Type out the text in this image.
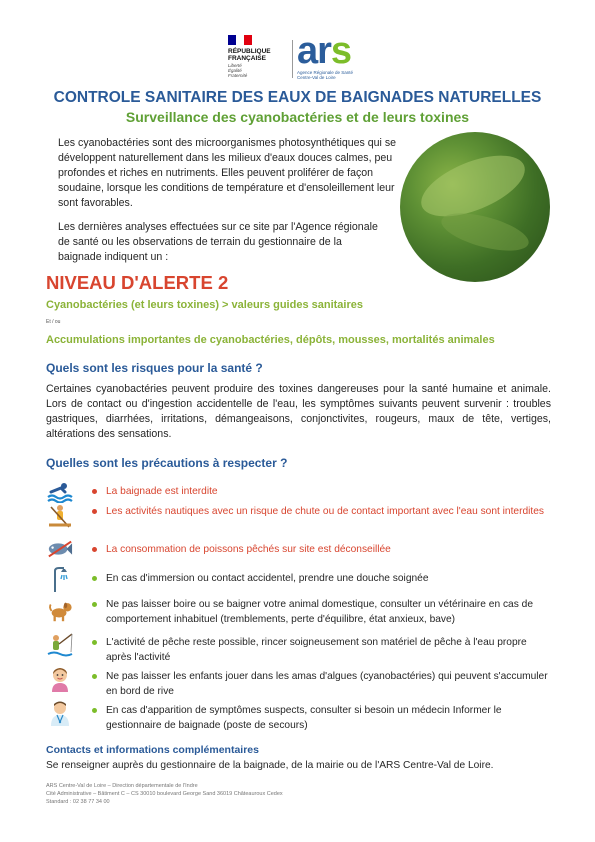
RÉPUBLIQUE
FRANÇAISE
Liberté
Égalité
Fraternité
ars
Agence Régionale de Santé
Centre-Val de Loire
CONTROLE SANITAIRE DES EAUX DE BAIGNADES NATURELLES
Surveillance des cyanobactéries et de leurs toxines
Les cyanobactéries sont des microorganismes photosynthétiques qui se développent naturellement dans les milieux d'eaux douces calmes, peu profondes et riches en nutriments. Elles peuvent proliférer de façon soudaine, lorsque les conditions de température et d'ensoleillement leur sont favorables.
Les dernières analyses effectuées sur ce site par l'Agence régionale de santé ou les observations de terrain du gestionnaire de la baignade indiquent un :
NIVEAU D'ALERTE 2
Cyanobactéries (et leurs toxines) > valeurs guides sanitaires
Et / ou
Accumulations importantes de cyanobactéries, dépôts, mousses, mortalités animales
Quels sont les risques pour la santé ?
Certaines cyanobactéries peuvent produire des toxines dangereuses pour la santé humaine et animale. Lors de contact ou d'ingestion accidentelle de l'eau, les symptômes suivants peuvent survenir : troubles gastriques, diarrhées, irritations, démangeaisons, conjonctivites, rougeurs, maux de tête, vertiges, altérations des sensations.
Quelles sont les précautions à respecter ?
La baignade est interdite
Les activités nautiques avec un risque de chute ou de contact important avec l'eau sont interdites
La consommation de poissons pêchés sur site est déconseillée
En cas d'immersion ou contact accidentel, prendre une douche soignée
Ne pas laisser boire ou se baigner votre animal domestique, consulter un vétérinaire en cas de comportement inhabituel (tremblements, perte d'équilibre, état anxieux, bave)
L'activité de pêche reste possible, rincer soigneusement son matériel de pêche à l'eau propre après l'activité
Ne pas laisser les enfants jouer dans les amas d'algues (cyanobactéries) qui peuvent s'accumuler en bord de rive
En cas d'apparition de symptômes suspects, consulter si besoin un médecin Informer le gestionnaire de baignade (poste de secours)
Contacts et informations complémentaires
Se renseigner auprès du gestionnaire de la baignade, de la mairie ou de l'ARS Centre-Val de Loire.
ARS Centre-Val de Loire – Direction départementale de l'Indre
Cité Administrative – Bâtiment C – CS 30010 boulevard George Sand 36019 Châteauroux Cedex
Standard : 02 38 77 34 00
